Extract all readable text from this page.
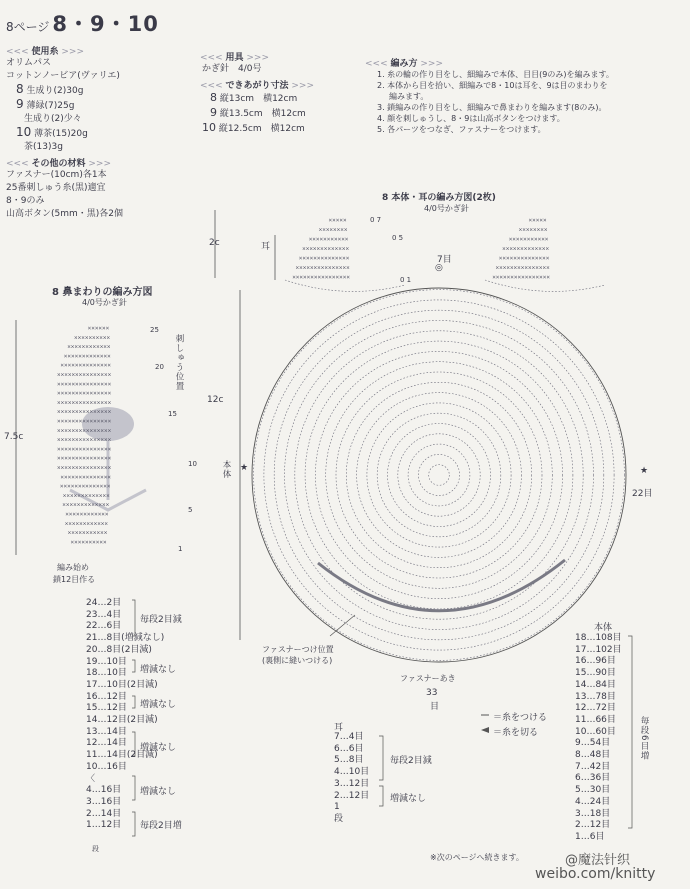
8ページ 8・9・10
<<< 使用糸 >>>
オリムパス
コットンノービア(ヴァリエ)
8 生成り(2)30g
9 薄緑(7)25g
生成り(2)少々
10 薄茶(15)20g
茶(13)3g
<<< その他の材料 >>>
ファスナー(10cm)各1本
25番刺しゅう糸(黒)適宜
8・9のみ
山高ボタン(5mm・黒)各2個
<<< 用具 >>>
かぎ針　 4/0号
<<< できあがり寸法 >>>
8 縦13cm　 横12cm
9 縦13.5cm　 横12cm
10 縦12.5cm　 横12cm
<<< 編み方 >>>
1. 糸の輪の作り目をし、細編みで本体、目目(9のみ)を編みます。
2. 本体から目を拾い、細編みで8・10は耳を、9は目のまわりを
編みます。
3. 鎖編みの作り目をし、細編みで鼻まわりを編みます(8のみ)。
4. 顔を刺しゅうし、8・9は山高ボタンをつけます。
5. 各パーツをつなぎ、ファスナーをつけます。
××××××
××××××××××
××××××××××××
×××××××××××××
××××××××××××××
×××××××××××××××
×××××××××××××××
×××××××××××××××
×××××××××××××××
×××××××××××××××
×××××××××××××××
×××××××××××××××
×××××××××××××××
×××××××××××××××
×××××××××××××××
×××××××××××××××
××××××××××××××
××××××××××××××
×××××××××××××
×××××××××××××
××××××××××××
××××××××××××
×××××××××××
××××××××××
×××××
××××××××
×××××××××××
×××××××××××××
××××××××××××××
×××××××××××××××
××××××××××××××××
×××××
××××××××
×××××××××××
×××××××××××××
××××××××××××××
×××××××××××××××
××××××××××××××××
8 鼻まわりの編み方図
4/0号かぎ針
7.5c
刺しゅう位置
編み始め
鎖12目作る
25
20
15
10
5
1
8 本体・耳の編み方図(2枚)
4/0号かぎ針
2c	耳
12c
本体 ★	★
22目
7目
◎
ファスナーつけ位置
(裏側に縫いつける)
ファスナーあき
33
目
0 7
0 5
0 1
24…2目
23…4目
22…6目
21…8目(増減なし)
20…8目(2目減)
19…10目
18…10目
17…10目(2目減)
16…12目
15…12目
14…12目(2目減)
13…14目
12…14目
11…14目(2目減)
10…16目
〈
4…16目
3…16目
2…14目
1…12目
毎段2目減
増減なし
増減なし
増減なし
増減なし
毎段2目増
段
耳
7…4目
6…6目
5…8目
4…10目
3…12目
2…12目
1
段
毎段2目減
増減なし
＝糸をつける
＝糸を切る
本体
18…108目
17…102目
16…96目
15…90目
14…84目
13…78目
12…72目
11…66目
10…60目
9…54目
8…48目
7…42目
6…36目
5…30目
4…24目
3…18目
2…12目
1…6目
毎段6目増
※次のページへ続きます。	@魔法针织
weibo.com/knitty
